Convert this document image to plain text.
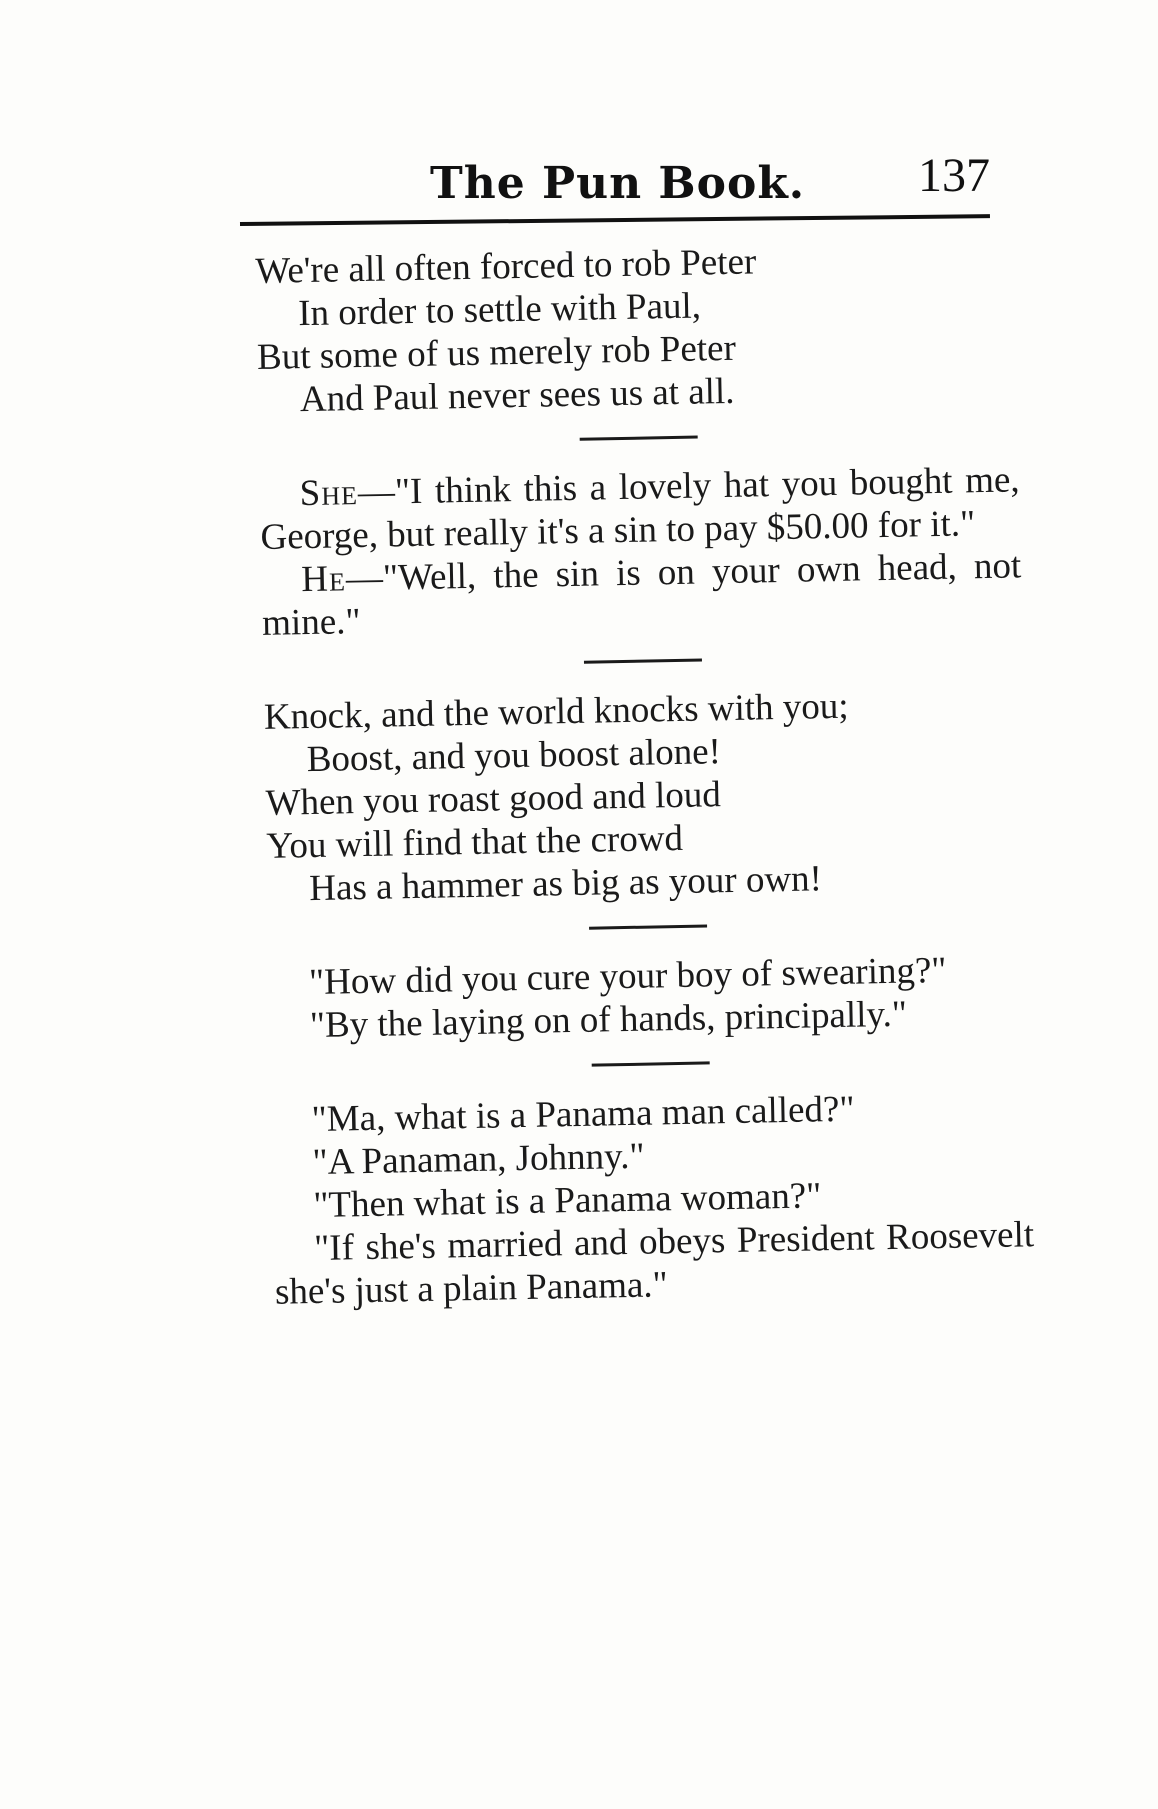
The Pun Book. 137
We're all often forced to rob Peter
In order to settle with Paul,
But some of us merely rob Peter
And Paul never sees us at all.

She—"I think this a lovely hat you bought me, George, but really it's a sin to pay $50.00 for it."

He—"Well, the sin is on your own head, not mine."

Knock, and the world knocks with you;
Boost, and you boost alone!
When you roast good and loud
You will find that the crowd
Has a hammer as big as your own!

"How did you cure your boy of swearing?"

"By the laying on of hands, principally."

"Ma, what is a Panama man called?"

"A Panaman, Johnny."

"Then what is a Panama woman?"

"If she's married and obeys President Roosevelt she's just a plain Panama."
